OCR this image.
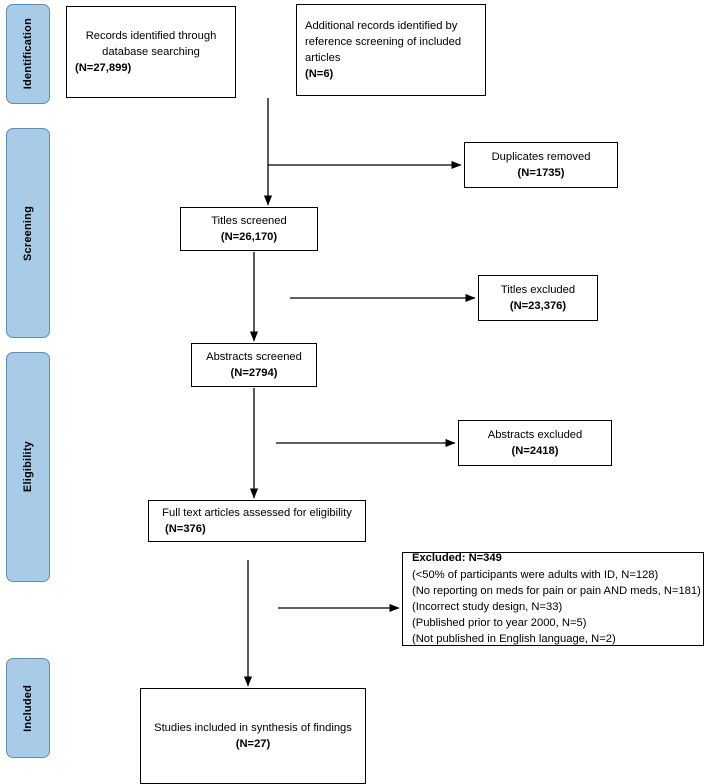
Identification
Screening
Eligibility
Included
Records identified through database searching
(N=27,899)
Additional records identified by reference screening of included articles
(N=6)
Duplicates removed
(N=1735)
Titles screened
(N=26,170)
Titles excluded
(N=23,376)
Abstracts screened
(N=2794)
Abstracts excluded
(N=2418)
Full text articles assessed for eligibility
(N=376)
Excluded: N=349
(<50% of participants were adults with ID, N=128)
(No reporting on meds for pain or pain AND meds, N=181)
(Incorrect study design, N=33)
(Published prior to year 2000, N=5)
(Not published in English language, N=2)
Studies included in synthesis of findings
(N=27)
